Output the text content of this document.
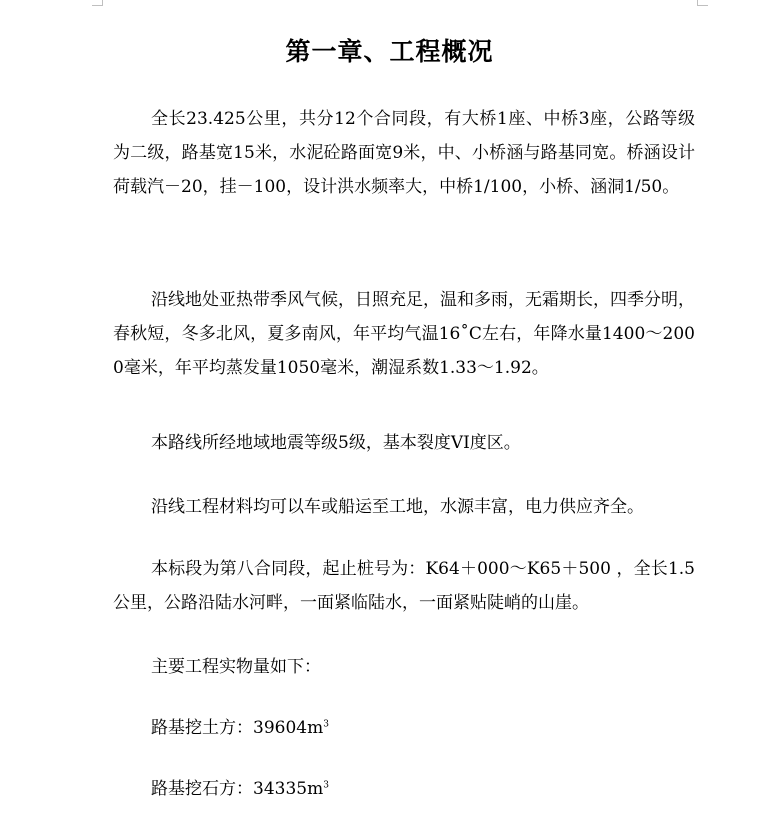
第一章、工程概况
全长23.425公里，共分12个合同段，有大桥1座、中桥3座，公路等级为二级，路基宽15米，水泥砼路面宽9米，中、小桥涵与路基同宽。桥涵设计荷载汽－20，挂－100，设计洪水频率大，中桥1/100，小桥、涵洞1/50。
沿线地处亚热带季风气候，日照充足，温和多雨，无霜期长，四季分明，春秋短，冬多北风，夏多南风，年平均气温16˚C左右，年降水量1400～2000毫米，年平均蒸发量1050毫米，潮湿系数1.33～1.92。
本路线所经地域地震等级5级，基本裂度VI度区。
沿线工程材料均可以车或船运至工地，水源丰富，电力供应齐全。
本标段为第八合同段，起止桩号为：K64＋000～K65＋500 ，全长1.5公里，公路沿陆水河畔，一面紧临陆水，一面紧贴陡峭的山崖。
主要工程实物量如下：
路基挖土方：$39604m^3$
路基挖石方：$34335m^3$
